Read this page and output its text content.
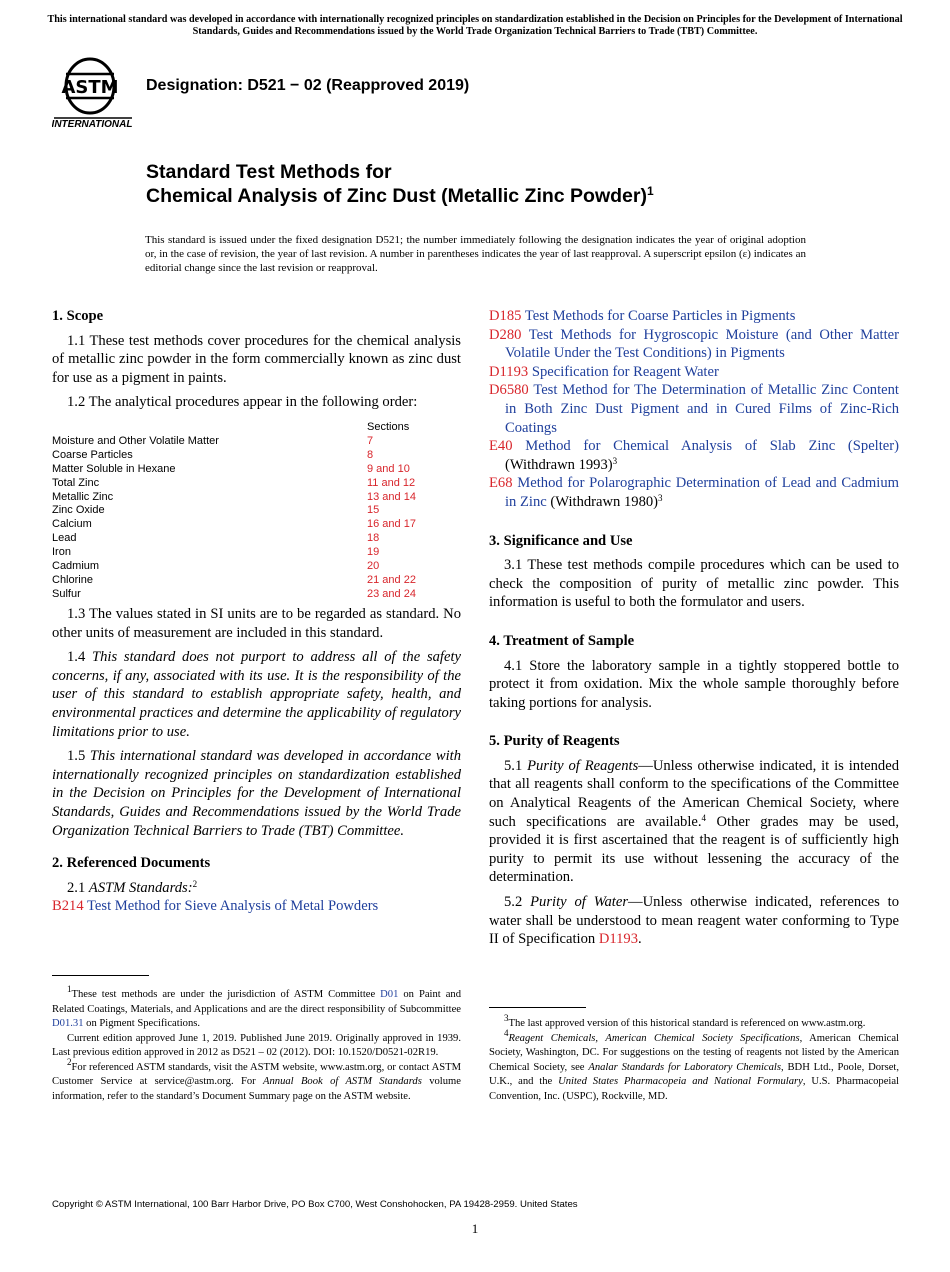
This international standard was developed in accordance with internationally recognized principles on standardization established in the Decision on Principles for the Development of International Standards, Guides and Recommendations issued by the World Trade Organization Technical Barriers to Trade (TBT) Committee.
ASTM
INTERNATIONAL
Designation: D521 − 02 (Reapproved 2019)
Standard Test Methods for
Chemical Analysis of Zinc Dust (Metallic Zinc Powder)$^1$
This standard is issued under the fixed designation D521; the number immediately following the designation indicates the year of original adoption or, in the case of revision, the year of last revision. A number in parentheses indicates the year of last reapproval. A superscript epsilon (ε) indicates an editorial change since the last revision or reapproval.
1. Scope

1.1 These test methods cover procedures for the chemical analysis of metallic zinc powder in the form commercially known as zinc dust for use as a pigment in paints.

1.2 The analytical procedures appear in the following order:

Sections
Moisture and Other Volatile Matter	7
Coarse Particles	8
Matter Soluble in Hexane	9 and 10
Total Zinc	11 and 12
Metallic Zinc	13 and 14
Zinc Oxide	15
Calcium	16 and 17
Lead	18
Iron	19
Cadmium	20
Chlorine	21 and 22
Sulfur	23 and 24

1.3 The values stated in SI units are to be regarded as standard. No other units of measurement are included in this standard.

1.4 This standard does not purport to address all of the safety concerns, if any, associated with its use. It is the responsibility of the user of this standard to establish appropriate safety, health, and environmental practices and determine the applicability of regulatory limitations prior to use.

1.5 This international standard was developed in accordance with internationally recognized principles on standardization established in the Decision on Principles for the Development of International Standards, Guides and Recommendations issued by the World Trade Organization Technical Barriers to Trade (TBT) Committee.

2. Referenced Documents

2.1 ASTM Standards:$^2$

B214 Test Method for Sieve Analysis of Metal Powders

$^1$These test methods are under the jurisdiction of ASTM Committee D01 on Paint and Related Coatings, Materials, and Applications and are the direct responsibility of Subcommittee D01.31 on Pigment Specifications.

Current edition approved June 1, 2019. Published June 2019. Originally approved in 1939. Last previous edition approved in 2012 as D521 – 02 (2012). DOI: 10.1520/D0521-02R19.

$^2$For referenced ASTM standards, visit the ASTM website, www.astm.org, or contact ASTM Customer Service at service@astm.org. For Annual Book of ASTM Standards volume information, refer to the standard’s Document Summary page on the ASTM website.

D185 Test Methods for Coarse Particles in Pigments
D280 Test Methods for Hygroscopic Moisture (and Other Matter Volatile Under the Test Conditions) in Pigments
D1193 Specification for Reagent Water
D6580 Test Method for The Determination of Metallic Zinc Content in Both Zinc Dust Pigment and in Cured Films of Zinc-Rich Coatings
E40 Method for Chemical Analysis of Slab Zinc (Spelter) (Withdrawn 1993)$^3$
E68 Method for Polarographic Determination of Lead and Cadmium in Zinc (Withdrawn 1980)$^3$
3. Significance and Use

3.1 These test methods compile procedures which can be used to check the composition of purity of metallic zinc powder. This information is useful to both the formulator and users.

4. Treatment of Sample

4.1 Store the laboratory sample in a tightly stoppered bottle to protect it from oxidation. Mix the whole sample thoroughly before taking portions for analysis.

5. Purity of Reagents

5.1 Purity of Reagents—Unless otherwise indicated, it is intended that all reagents shall conform to the specifications of the Committee on Analytical Reagents of the American Chemical Society, where such specifications are available.$^4$ Other grades may be used, provided it is first ascertained that the reagent is of sufficiently high purity to permit its use without lessening the accuracy of the determination.

5.2 Purity of Water—Unless otherwise indicated, references to water shall be understood to mean reagent water conforming to Type II of Specification D1193.

$^3$The last approved version of this historical standard is referenced on www.astm.org.

$^4$Reagent Chemicals, American Chemical Society Specifications, American Chemical Society, Washington, DC. For suggestions on the testing of reagents not listed by the American Chemical Society, see Analar Standards for Laboratory Chemicals, BDH Ltd., Poole, Dorset, U.K., and the United States Pharmacopeia and National Formulary, U.S. Pharmacopeial Convention, Inc. (USPC), Rockville, MD.

Copyright © ASTM International, 100 Barr Harbor Drive, PO Box C700, West Conshohocken, PA 19428-2959. United States
1
